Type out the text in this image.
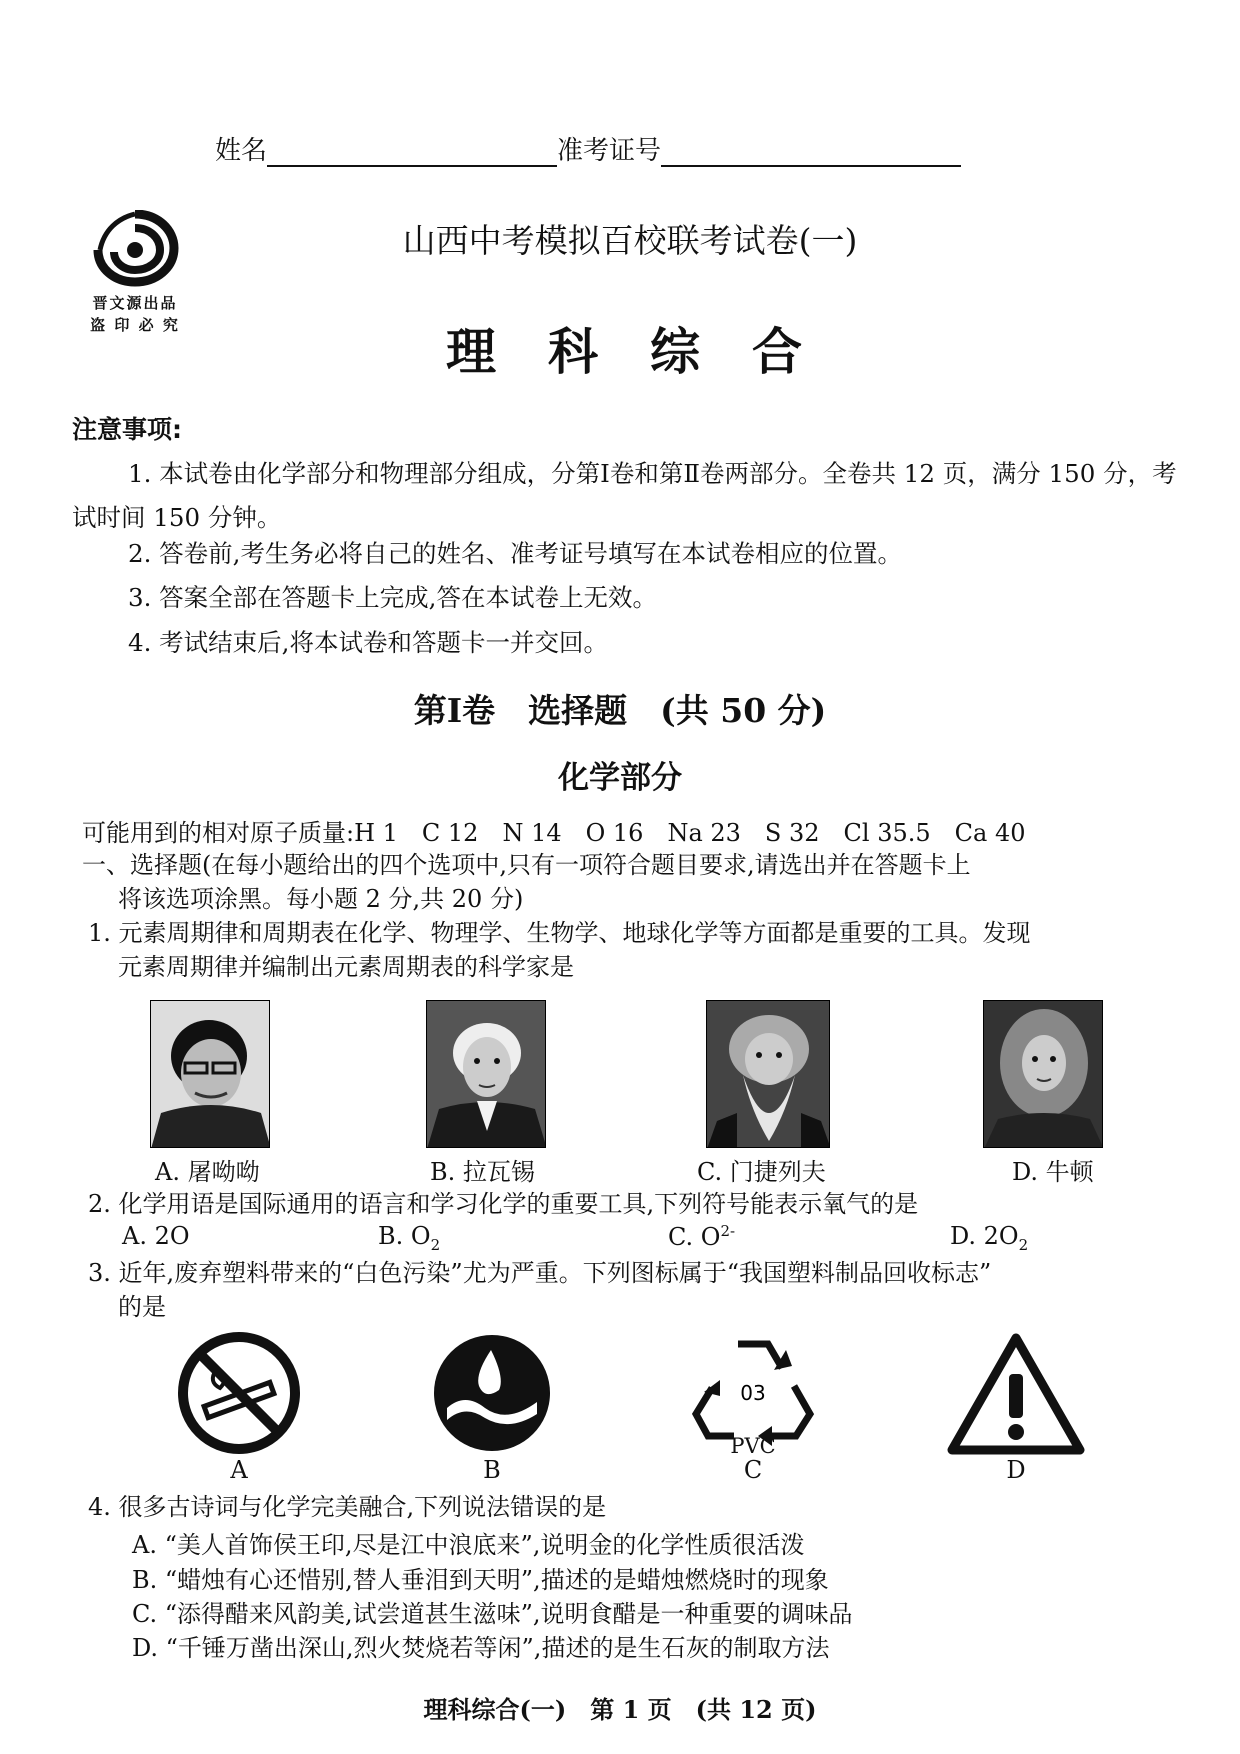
姓名	准考证号
晋文源出品
盗 印 必 究
山西中考模拟百校联考试卷(一)
理科综合
注意事项:
1. 本试卷由化学部分和物理部分组成，分第Ⅰ卷和第Ⅱ卷两部分。全卷共 12 页，满分 150 分，考试时间 150 分钟。
2. 答卷前,考生务必将自己的姓名、准考证号填写在本试卷相应的位置。
3. 答案全部在答题卡上完成,答在本试卷上无效。
4. 考试结束后,将本试卷和答题卡一并交回。
第Ⅰ卷　选择题　(共 50 分)
化学部分
可能用到的相对原子质量:H 1　C 12　N 14　O 16　Na 23　S 32　Cl 35.5　Ca 40
一、选择题(在每小题给出的四个选项中,只有一项符合题目要求,请选出并在答题卡上
将该选项涂黑。每小题 2 分,共 20 分)
1. 元素周期律和周期表在化学、物理学、生物学、地球化学等方面都是重要的工具。发现
元素周期律并编制出元素周期表的科学家是
A. 屠呦呦	B. 拉瓦锡	C. 门捷列夫	D. 牛顿
2. 化学用语是国际通用的语言和学习化学的重要工具,下列符号能表示氧气的是
A. 2O	B. $O_2$	C. $O^{2-}$	D. $2O_2$
3. 近年,废弃塑料带来的“白色污染”尤为严重。下列图标属于“我国塑料制品回收标志”
的是
03
PVC
A	B	C	D
4. 很多古诗词与化学完美融合,下列说法错误的是
A. “美人首饰侯王印,尽是江中浪底来”,说明金的化学性质很活泼
B. “蜡烛有心还惜别,替人垂泪到天明”,描述的是蜡烛燃烧时的现象
C. “添得醋来风韵美,试尝道甚生滋味”,说明食醋是一种重要的调味品
D. “千锤万凿出深山,烈火焚烧若等闲”,描述的是生石灰的制取方法
理科综合(一)　第 1 页　(共 12 页)
